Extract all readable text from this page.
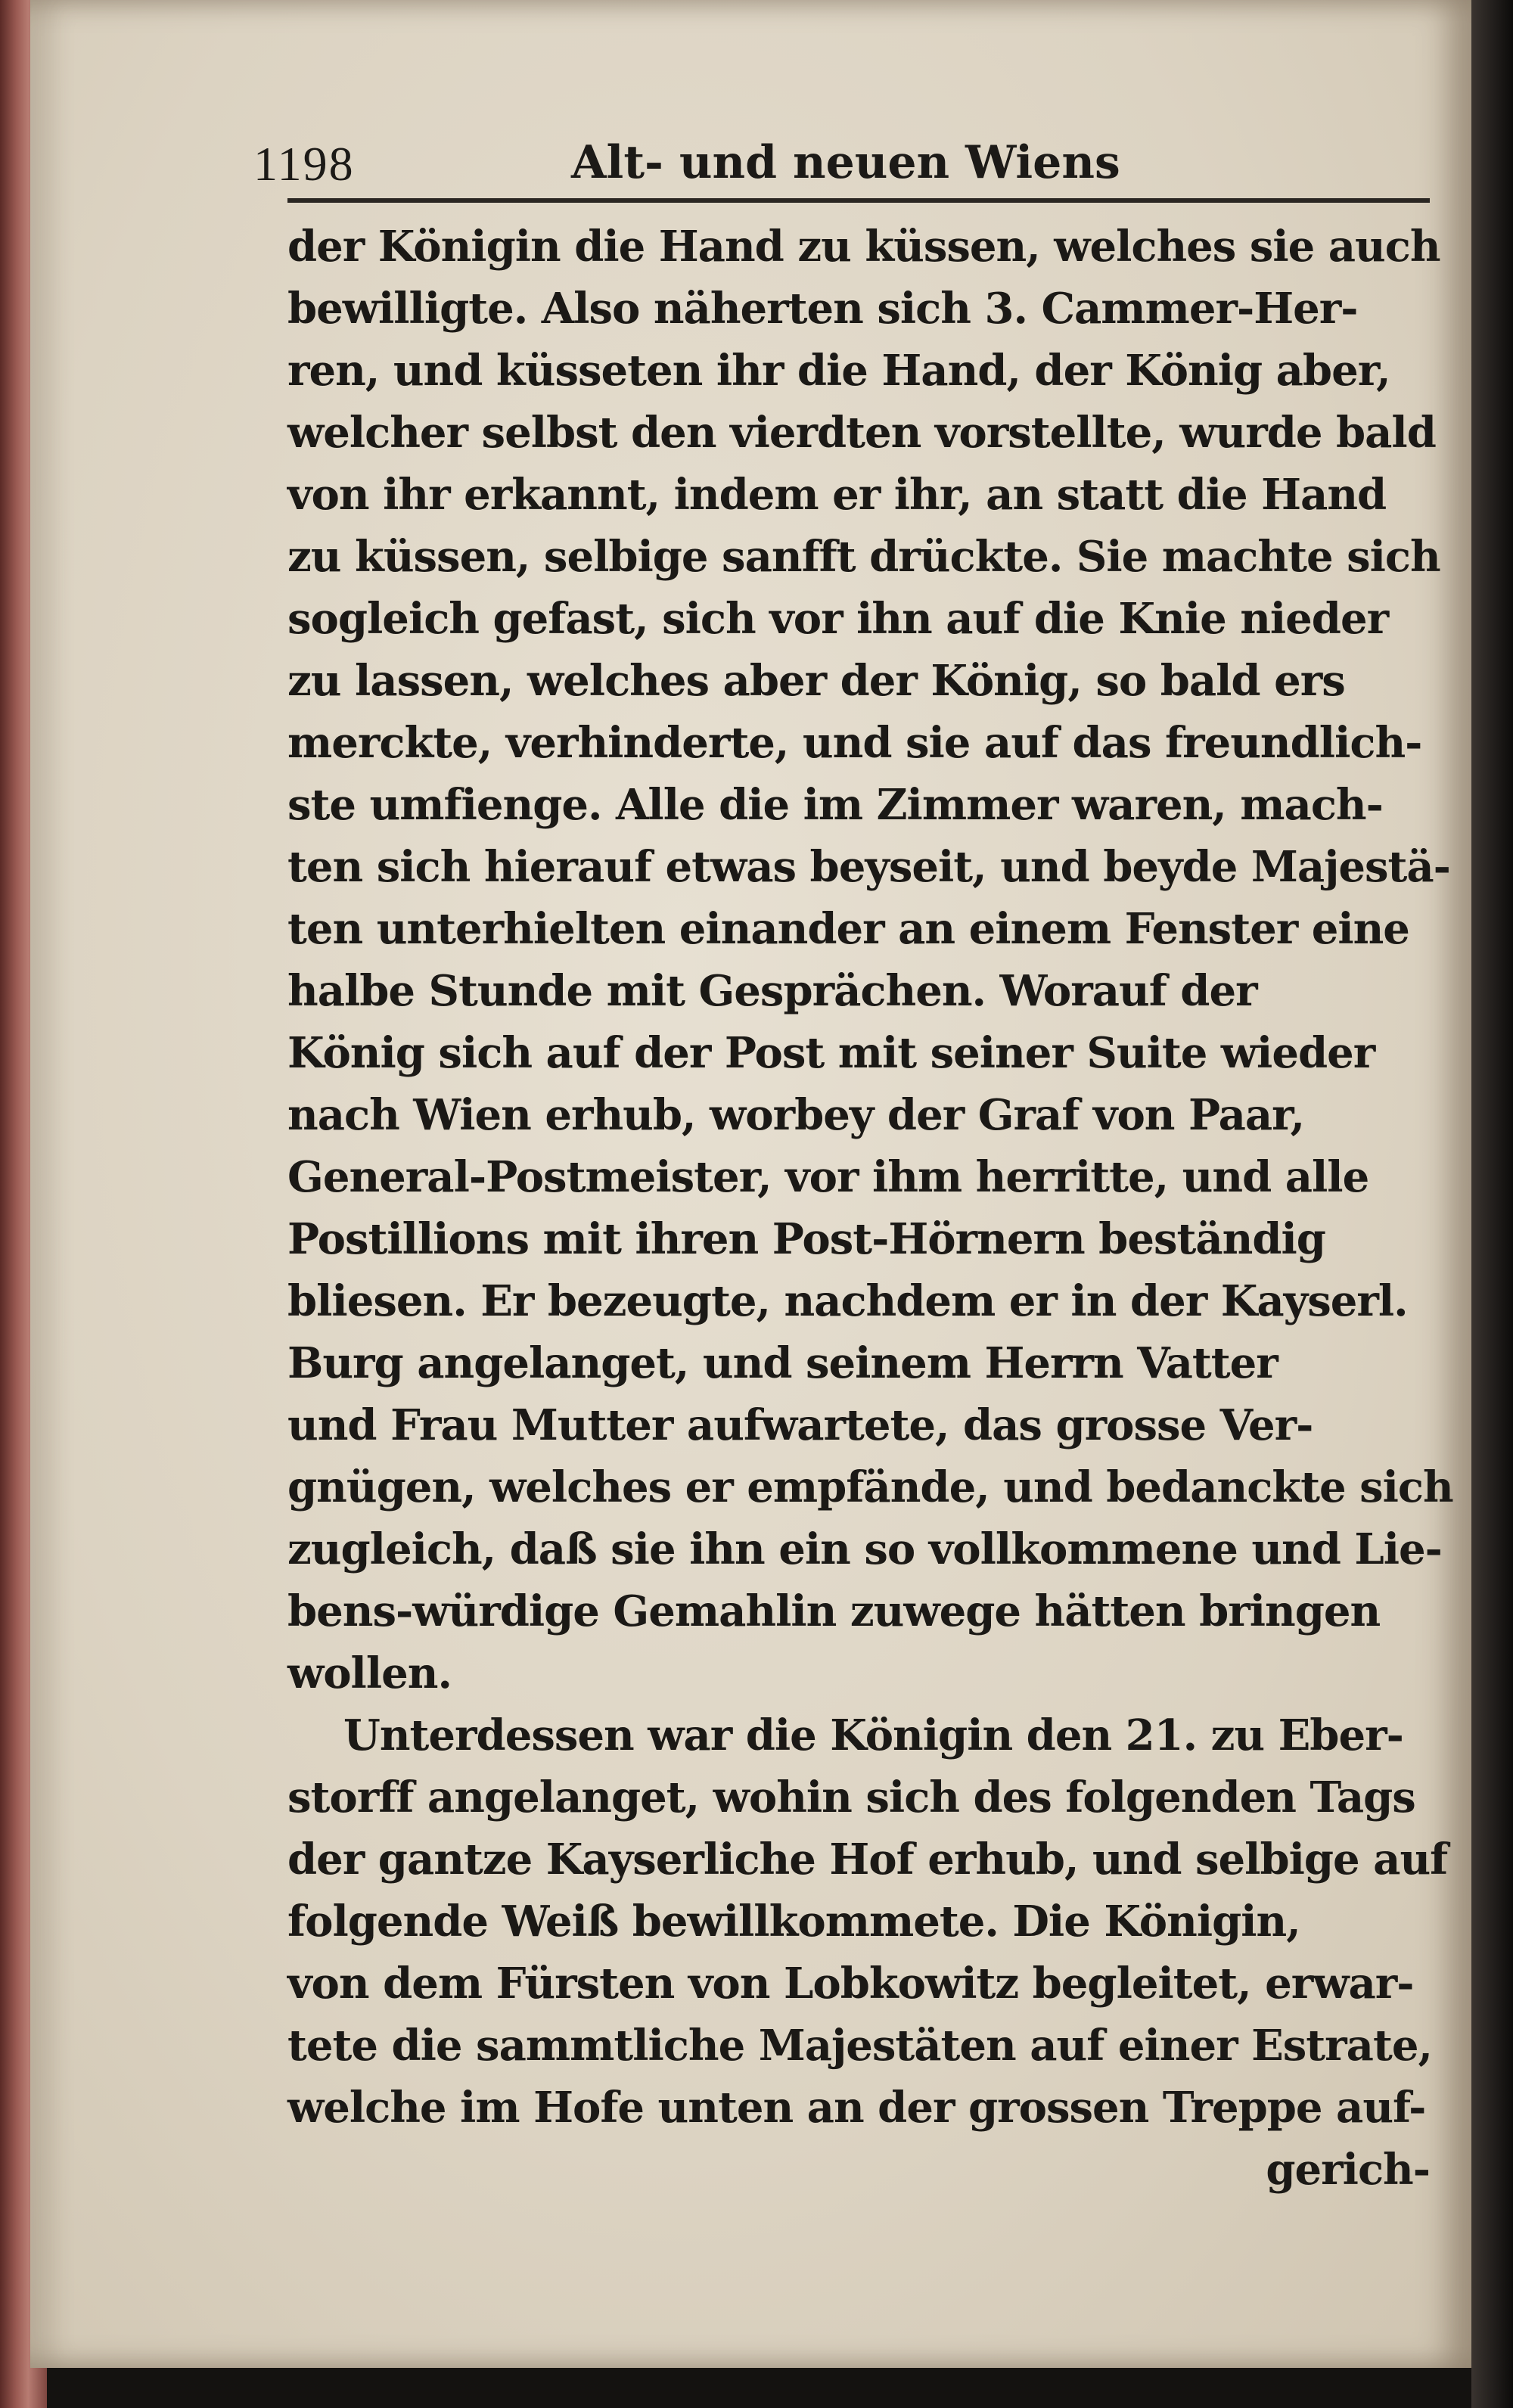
1198	Alt- und neuen Wiens
der Königin die Hand zu küssen, welches sie auch
bewilligte. Also näherten sich 3. Cammer-Her-
ren, und küsseten ihr die Hand, der König aber,
welcher selbst den vierdten vorstellte, wurde bald
von ihr erkannt, indem er ihr, an statt die Hand
zu küssen, selbige sanfft drückte. Sie machte sich
sogleich gefast, sich vor ihn auf die Knie nieder
zu lassen, welches aber der König, so bald ers
merckte, verhinderte, und sie auf das freundlich-
ste umfienge. Alle die im Zimmer waren, mach-
ten sich hierauf etwas beyseit, und beyde Majestä-
ten unterhielten einander an einem Fenster eine
halbe Stunde mit Gesprächen. Worauf der
König sich auf der Post mit seiner Suite wieder
nach Wien erhub, worbey der Graf von Paar,
General-Postmeister, vor ihm herritte, und alle
Postillions mit ihren Post-Hörnern beständig
bliesen. Er bezeugte, nachdem er in der Kayserl.
Burg angelanget, und seinem Herrn Vatter
und Frau Mutter aufwartete, das grosse Ver-
gnügen, welches er empfände, und bedanckte sich
zugleich, daß sie ihn ein so vollkommene und Lie-
bens-würdige Gemahlin zuwege hätten bringen
wollen.
Unterdessen war die Königin den 21. zu Eber-
storff angelanget, wohin sich des folgenden Tags
der gantze Kayserliche Hof erhub, und selbige auf
folgende Weiß bewillkommete. Die Königin,
von dem Fürsten von Lobkowitz begleitet, erwar-
tete die sammtliche Majestäten auf einer Estrate,
welche im Hofe unten an der grossen Treppe auf-
gerich-
